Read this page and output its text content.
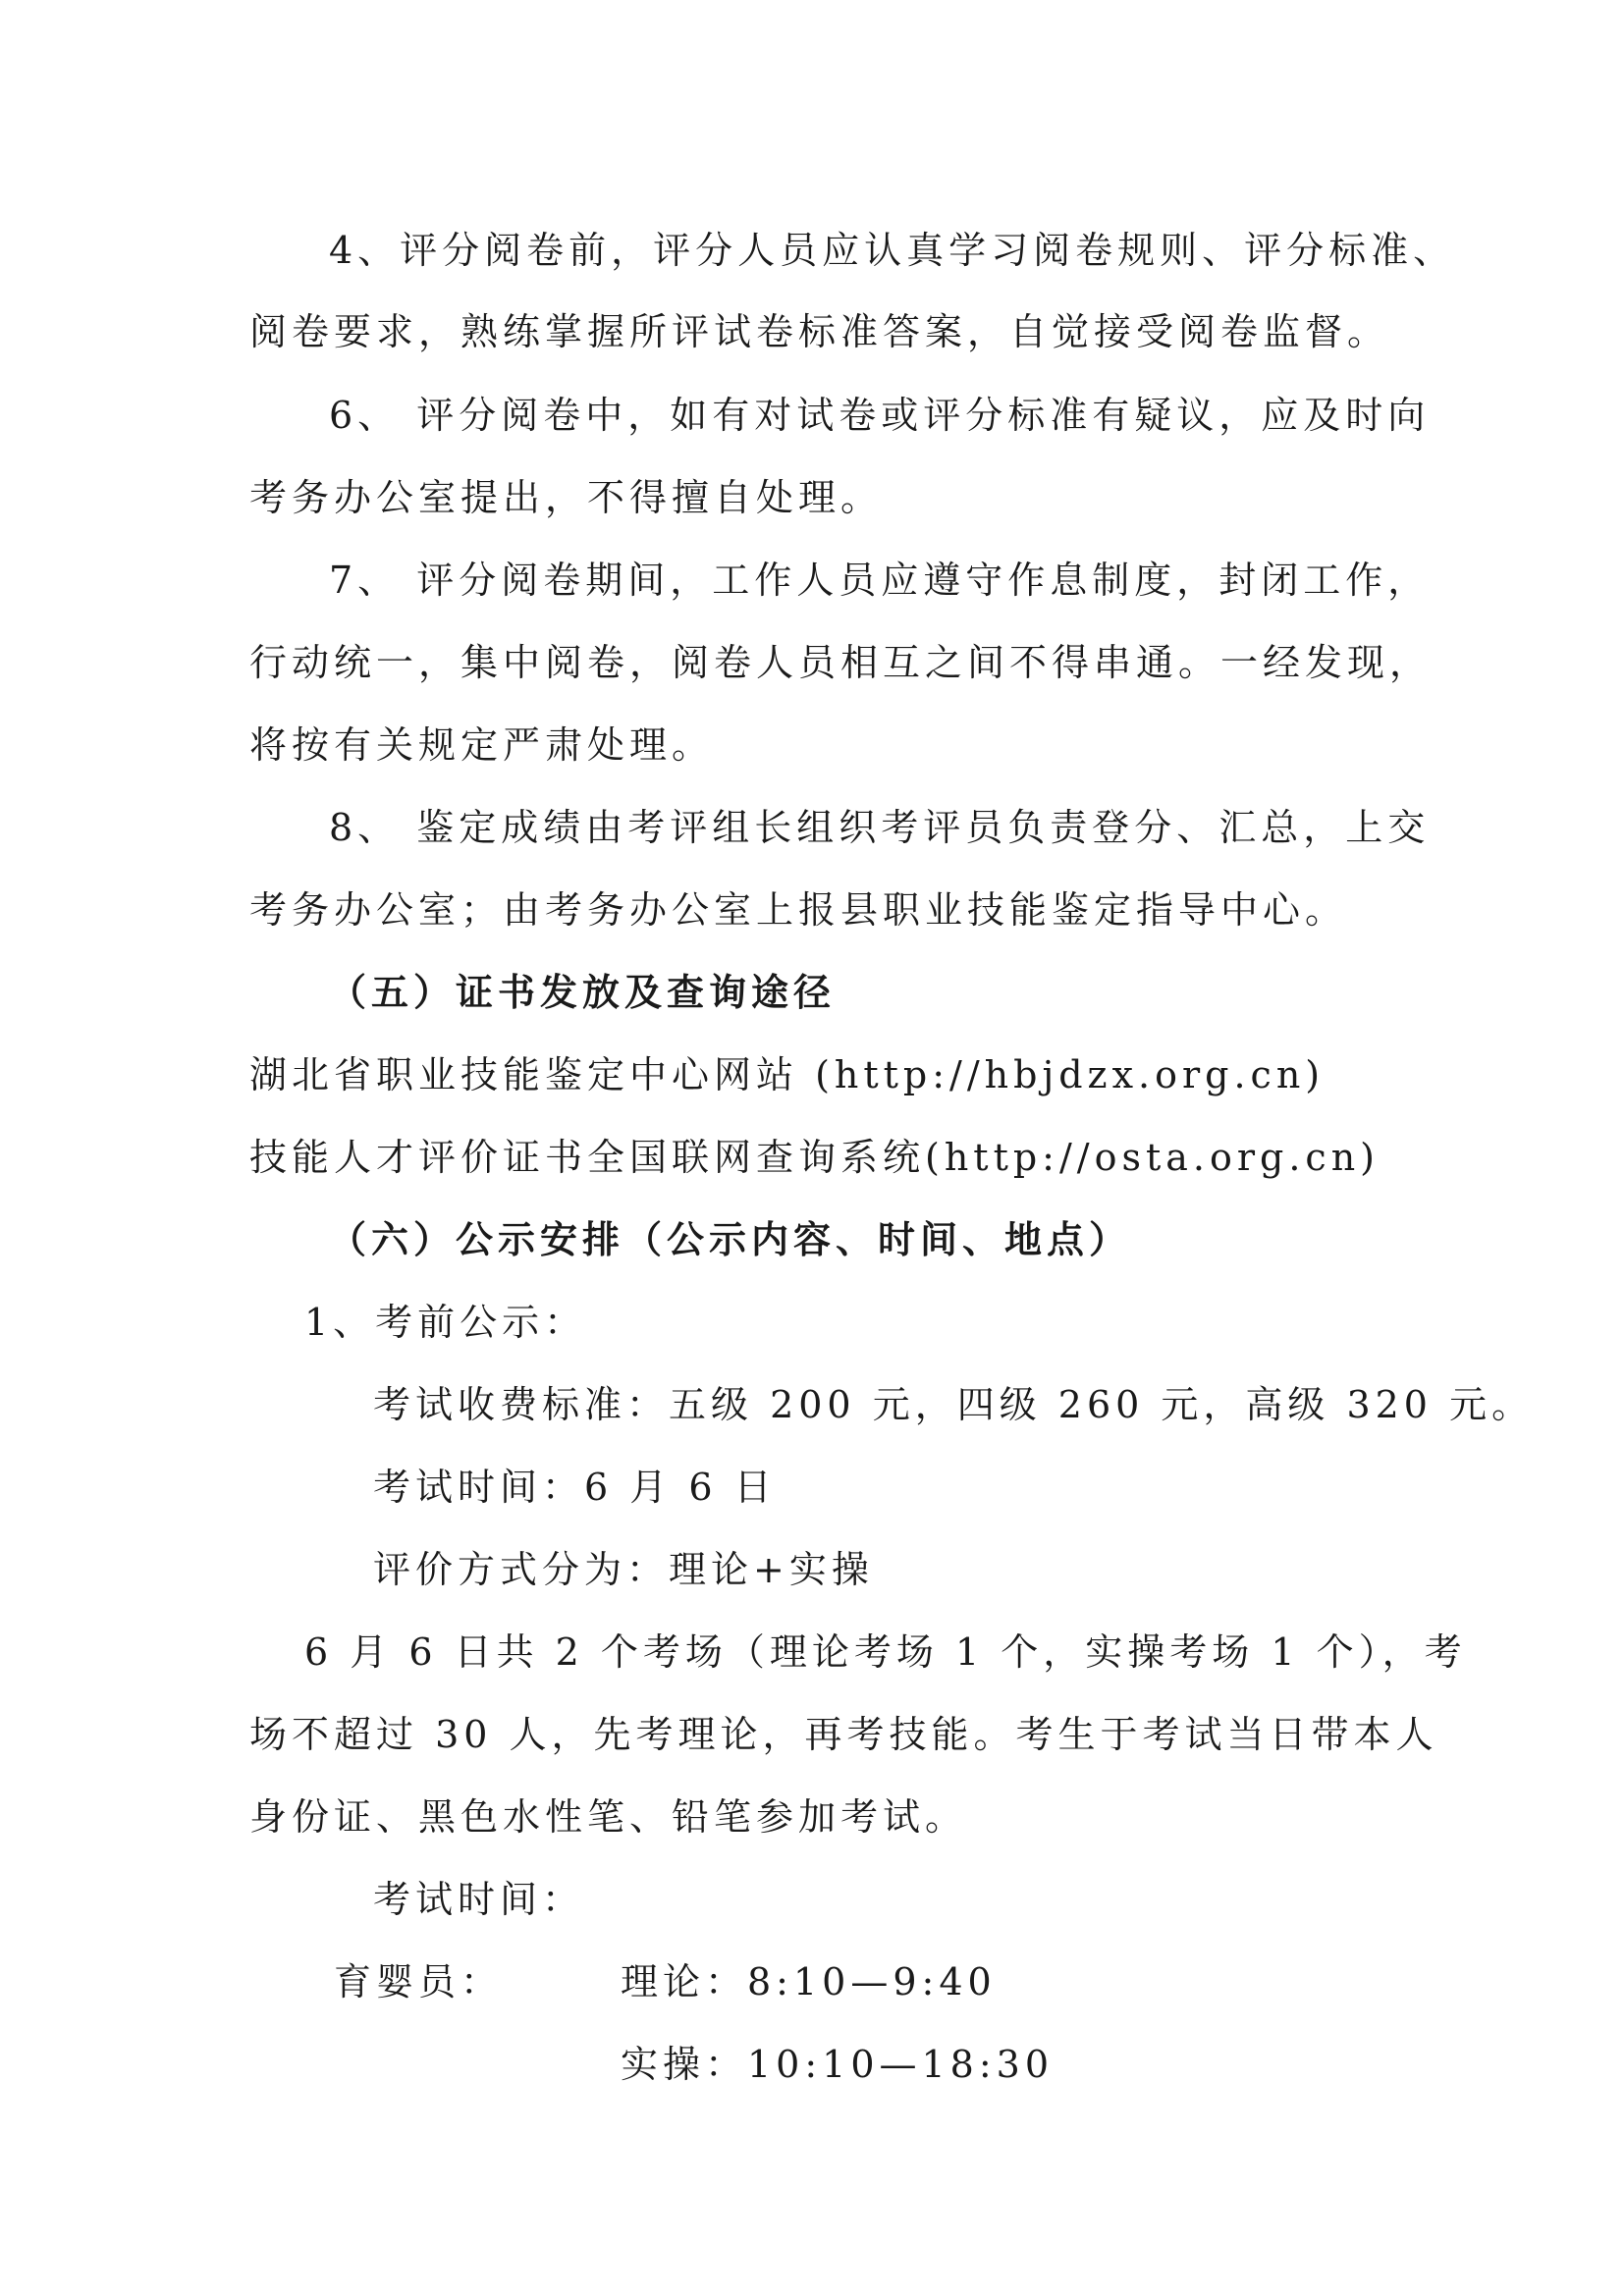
4、评分阅卷前，评分人员应认真学习阅卷规则、评分标准、
阅卷要求，熟练掌握所评试卷标准答案，自觉接受阅卷监督。
6、 评分阅卷中，如有对试卷或评分标准有疑议，应及时向
考务办公室提出，不得擅自处理。
7、 评分阅卷期间，工作人员应遵守作息制度，封闭工作，
行动统一，集中阅卷，阅卷人员相互之间不得串通。一经发现，
将按有关规定严肃处理。
8、 鉴定成绩由考评组长组织考评员负责登分、汇总，上交
考务办公室；由考务办公室上报县职业技能鉴定指导中心。
（五）证书发放及查询途径
湖北省职业技能鉴定中心网站 (http://hbjdzx.org.cn)
技能人才评价证书全国联网查询系统(http://osta.org.cn)
（六）公示安排（公示内容、时间、地点）
1、考前公示：
考试收费标准：五级 200 元，四级 260 元，高级 320 元。
考试时间：6 月 6 日
评价方式分为：理论+实操
6 月 6 日共 2 个考场（理论考场 1 个，实操考场 1 个），考
场不超过 30 人，先考理论，再考技能。考生于考试当日带本人
身份证、黑色水性笔、铅笔参加考试。
考试时间：
育婴员：	理论：8:10—9:40
实操：10:10—18:30
